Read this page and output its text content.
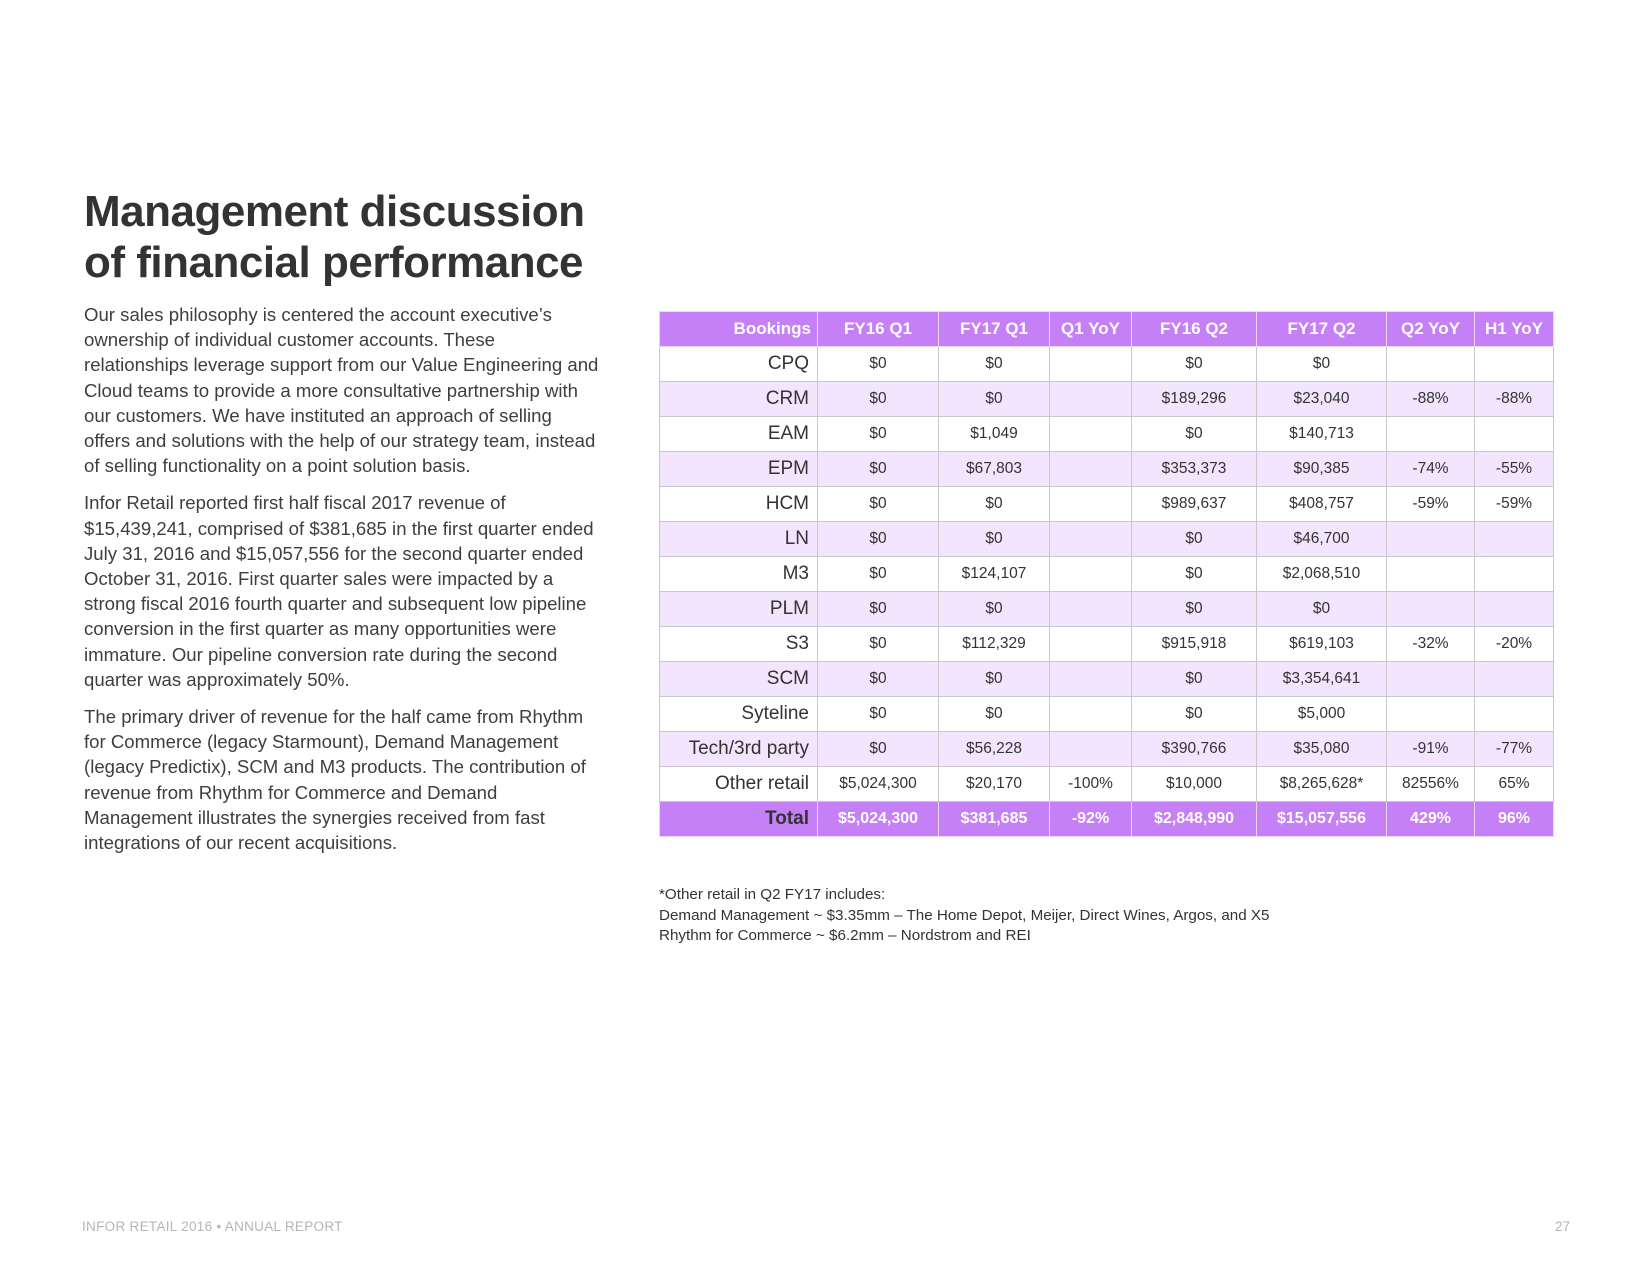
Management discussion
of financial performance

Our sales philosophy is centered the account executive’s ownership of individual customer accounts. These relationships leverage support from our Value Engineering and Cloud teams to provide a more consultative partnership with our customers. We have instituted an approach of selling offers and solutions with the help of our strategy team, instead of selling functionality on a point solution basis.

Infor Retail reported first half fiscal 2017 revenue of $15,439,241, comprised of $381,685 in the first quarter ended July 31, 2016 and $15,057,556 for the second quarter ended October 31, 2016. First quarter sales were impacted by a strong fiscal 2016 fourth quarter and subsequent low pipeline conversion in the first quarter as many opportunities were immature. Our pipeline conversion rate during the second quarter was approximately 50%.

The primary driver of revenue for the half came from Rhythm for Commerce (legacy Starmount), Demand Management (legacy Predictix), SCM and M3 products. The contribution of revenue from Rhythm for Commerce and Demand Management illustrates the synergies received from fast integrations of our recent acquisitions.

Bookings	FY16 Q1	FY17 Q1	Q1 YoY	FY16 Q2	FY17 Q2	Q2 YoY	H1 YoY
CPQ	$0	$0		$0	$0		
CRM	$0	$0		$189,296	$23,040	-88%	-88%
EAM	$0	$1,049		$0	$140,713		
EPM	$0	$67,803		$353,373	$90,385	-74%	-55%
HCM	$0	$0		$989,637	$408,757	-59%	-59%
LN	$0	$0		$0	$46,700		
M3	$0	$124,107		$0	$2,068,510		
PLM	$0	$0		$0	$0		
S3	$0	$112,329		$915,918	$619,103	-32%	-20%
SCM	$0	$0		$0	$3,354,641		
Syteline	$0	$0		$0	$5,000		
Tech/3rd party	$0	$56,228		$390,766	$35,080	-91%	-77%
Other retail	$5,024,300	$20,170	-100%	$10,000	$8,265,628*	82556%	65%
Total	$5,024,300	$381,685	-92%	$2,848,990	$15,057,556	429%	96%
*Other retail in Q2 FY17 includes:
Demand Management ~ $3.35mm – The Home Depot, Meijer, Direct Wines, Argos, and X5
Rhythm for Commerce ~ $6.2mm – Nordstrom and REI
INFOR RETAIL 2016 • ANNUAL REPORT	27
